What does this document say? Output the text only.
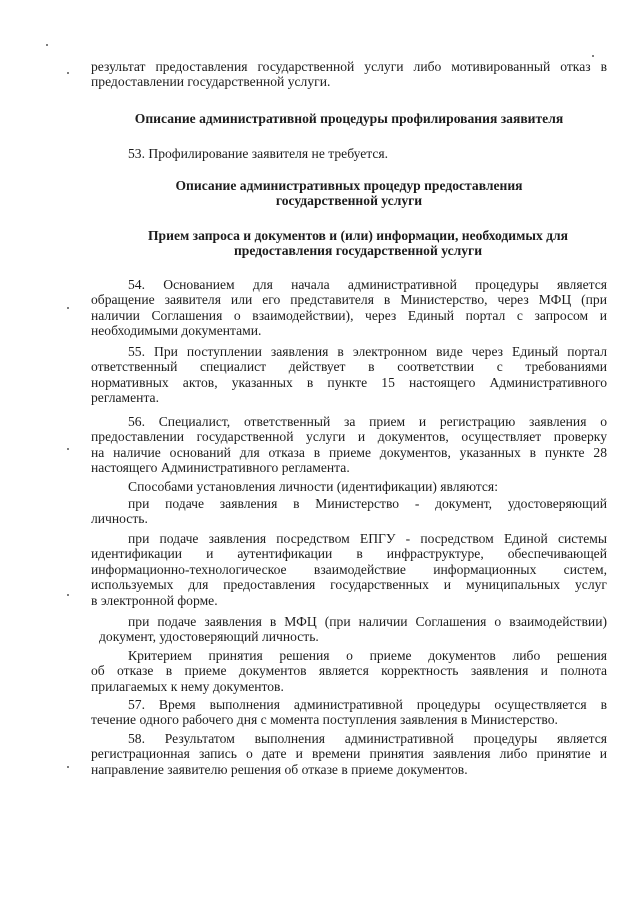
результат предоставления государственной услуги либо мотивированный отказ в
предоставлении государственной услуги.
Описание административной процедуры профилирования заявителя
53. Профилирование заявителя не требуется.
Описание административных процедур предоставления
государственной услуги
Прием запроса и документов и (или) информации, необходимых для
предоставления государственной услуги
54. Основанием для начала административной процедуры является
обращение заявителя или его представителя в Министерство, через МФЦ (при
наличии Соглашения о взаимодействии), через Единый портал с запросом и
необходимыми документами.
55. При поступлении заявления в электронном виде через Единый портал
ответственный специалист действует в соответствии с требованиями
нормативных актов, указанных в пункте 15 настоящего Административного
регламента.
56. Специалист, ответственный за прием и регистрацию заявления о
предоставлении государственной услуги и документов, осуществляет проверку
на наличие оснований для отказа в приеме документов, указанных в пункте 28
настоящего Административного регламента.
Способами установления личности (идентификации) являются:
при подаче заявления в Министерство - документ, удостоверяющий
личность.
при подаче заявления посредством ЕПГУ - посредством Единой системы
идентификации и аутентификации в инфраструктуре, обеспечивающей
информационно-технологическое взаимодействие информационных систем,
используемых для предоставления государственных и муниципальных услуг
в электронной форме.
при подаче заявления в МФЦ (при наличии Соглашения о взаимодействии)
документ, удостоверяющий личность.
Критерием принятия решения о приеме документов либо решения
об отказе в приеме документов является корректность заявления и полнота
прилагаемых к нему документов.
57. Время выполнения административной процедуры осуществляется в
течение одного рабочего дня с момента поступления заявления в Министерство.
58. Результатом выполнения административной процедуры является
регистрационная запись о дате и времени принятия заявления либо принятие и
направление заявителю решения об отказе в приеме документов.
